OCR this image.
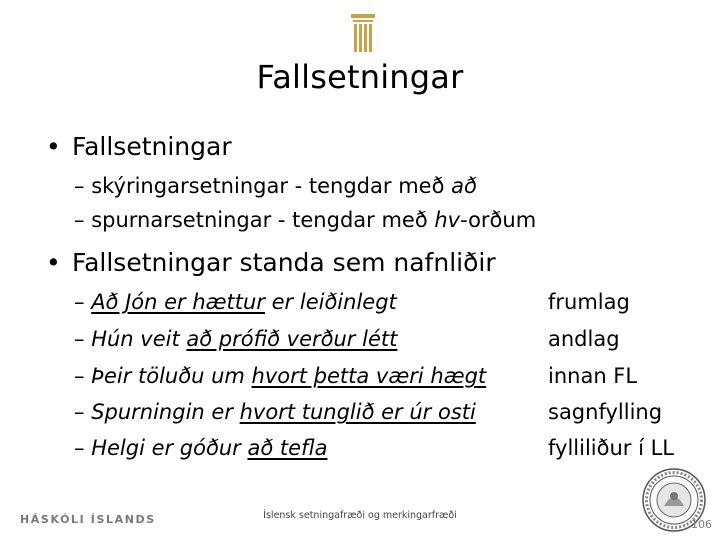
Fallsetningar
• Fallsetningar
– skýringarsetningar - tengdar með að
– spurnarsetningar - tengdar með hv-orðum
• Fallsetningar standa sem nafnliðir
– Að Jón er hættur er leiðinlegt
– Hún veit að prófið verður létt
– Þeir töluðu um hvort þetta væri hægt
– Spurningin er hvort tunglið er úr osti
– Helgi er góður að tefla
frumlag
andlag
innan FL
sagnfylling
fylliliður í LL
HÁSKÓLI ÍSLANDS	Íslensk setningafræði og merkingarfræði
106
